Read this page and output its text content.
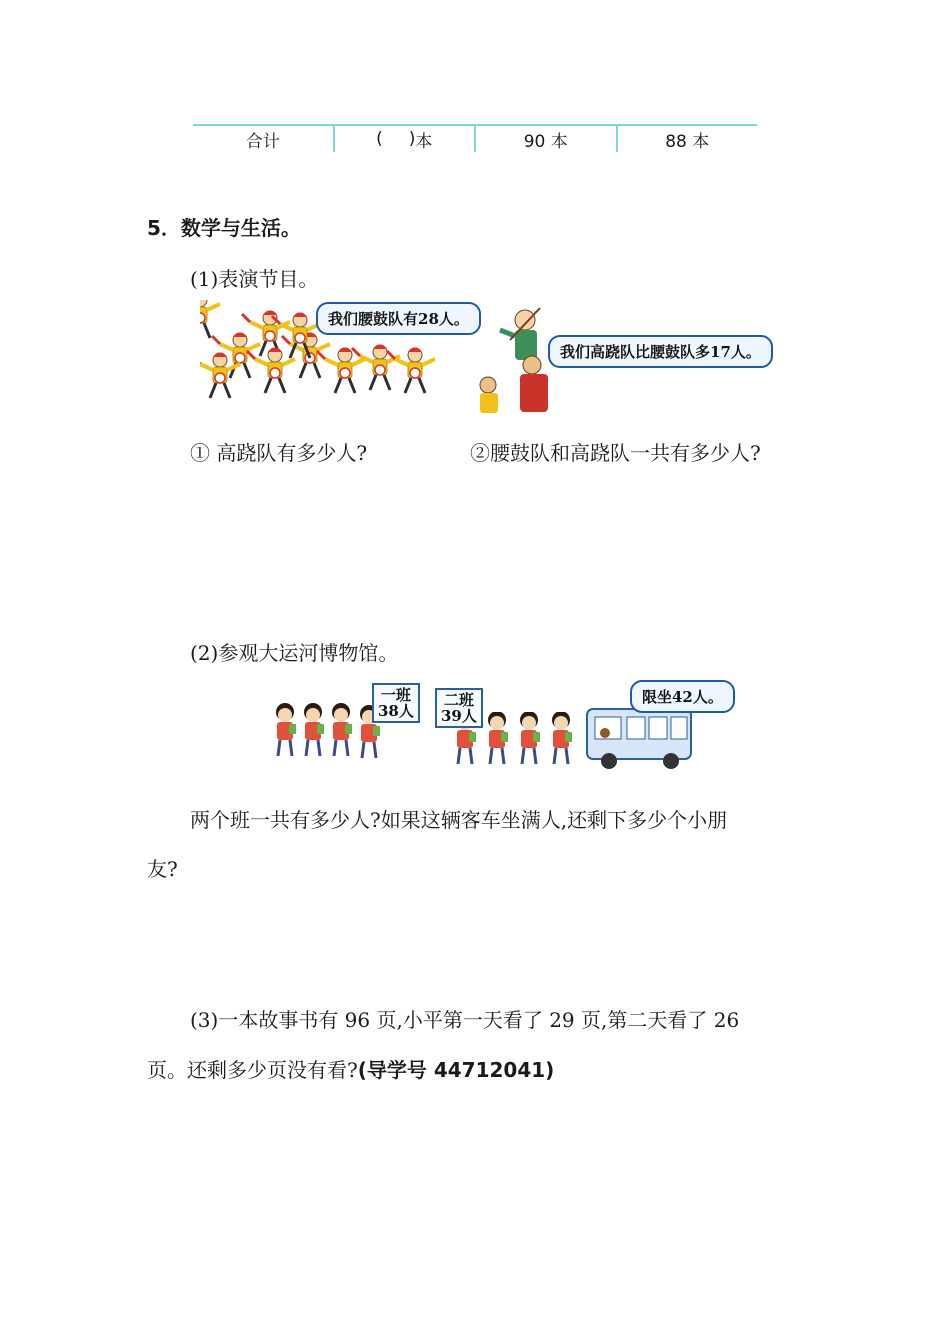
合计	( ) 本	90 本	88 本
5．数学与生活。
(1)表演节目。
我们腰鼓队有28人。
我们高跷队比腰鼓队多17人。
① 高跷队有多少人?	②腰鼓队和高跷队一共有多少人?
(2)参观大运河博物馆。
一班
38人
二班
39人
限坐42人。
两个班一共有多少人?如果这辆客车坐满人,还剩下多少个小朋
友?
(3)一本故事书有 96 页,小平第一天看了 29 页,第二天看了 26
页。还剩多少页没有看?(导学号 44712041)
